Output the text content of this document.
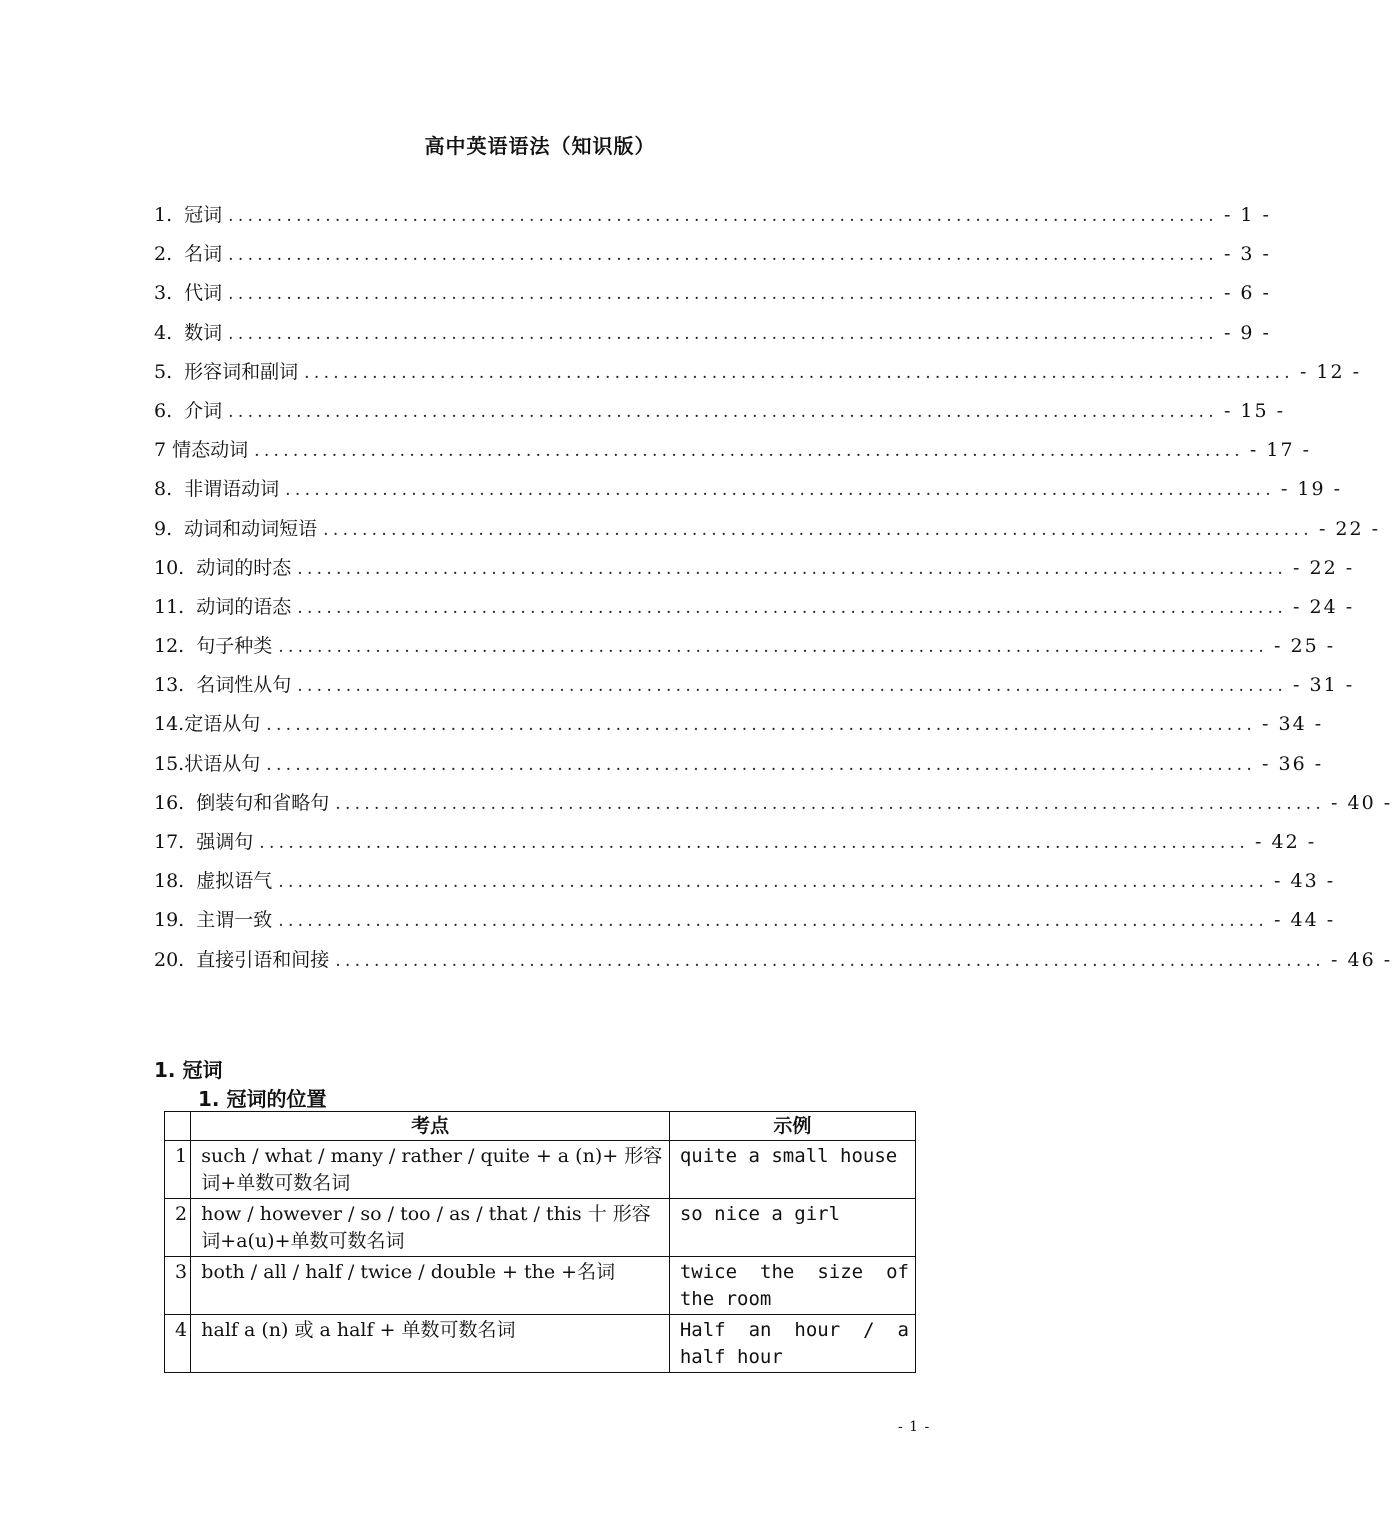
高中英语语法（知识版）
1. 冠词 ...................................................................................................... - 1 -
2. 名词 ...................................................................................................... - 3 -
3. 代词 ...................................................................................................... - 6 -
4. 数词 ...................................................................................................... - 9 -
5. 形容词和副词 ...................................................................................................... - 12 -
6. 介词 ...................................................................................................... - 15 -
7 情态动词 ...................................................................................................... - 17 -
8. 非谓语动词 ...................................................................................................... - 19 -
9. 动词和动词短语 ...................................................................................................... - 22 -
10. 动词的时态 ...................................................................................................... - 22 -
11. 动词的语态 ...................................................................................................... - 24 -
12. 句子种类 ...................................................................................................... - 25 -
13. 名词性从句 ...................................................................................................... - 31 -
14. 定语从句 ...................................................................................................... - 34 -
15. 状语从句 ...................................................................................................... - 36 -
16. 倒装句和省略句 ...................................................................................................... - 40 -
17. 强调句 ...................................................................................................... - 42 -
18. 虚拟语气 ...................................................................................................... - 43 -
19. 主谓一致 ...................................................................................................... - 44 -
20. 直接引语和间接 ...................................................................................................... - 46 -
1. 冠词
1. 冠词的位置
	考点	示例
1	such / what / many / rather / quite + a (n)+ 形容词+单数可数名词	quite a small house
2	how / however / so / too / as / that / this 十 形容词+a(u)+单数可数名词	so nice a girl
3	both / all / half / twice / double + the +名词	twice the size of the room
4	half a (n) 或 a half + 单数可数名词	Half an hour / a half hour
- 1 -
